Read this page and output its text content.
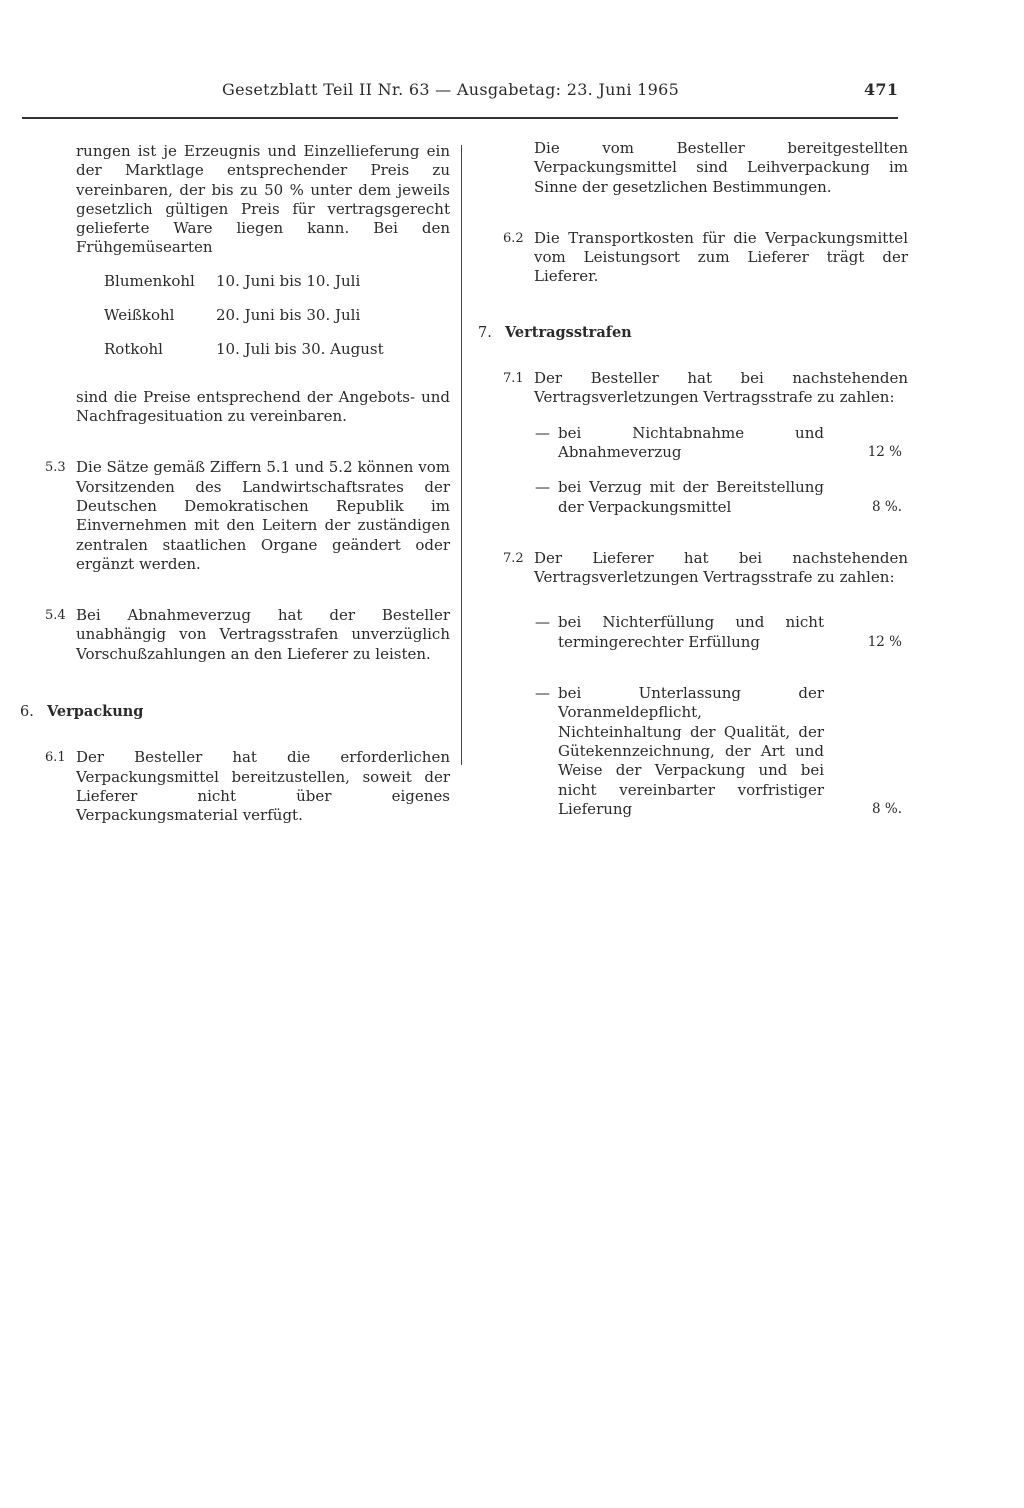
Gesetzblatt Teil II Nr. 63 — Ausgabetag: 23. Juni 1965	471

rungen ist je Erzeugnis und Einzellieferung ein der Marktlage entsprechender Preis zu vereinbaren, der bis zu 50 % unter dem jeweils gesetzlich gültigen Preis für vertragsgerecht gelieferte Ware liegen kann. Bei den Frühgemüsearten

Blumenkohl	10. Juni bis 10. Juli
Weißkohl	20. Juni bis 30. Juli
Rotkohl	10. Juli bis 30. August

sind die Preise entsprechend der Angebots- und Nachfragesituation zu vereinbaren.

5.3 Die Sätze gemäß Ziffern 5.1 und 5.2 können vom Vorsitzenden des Landwirtschaftsrates der Deutschen Demokratischen Republik im Einvernehmen mit den Leitern der zuständigen zentralen staatlichen Organe geändert oder ergänzt werden.

5.4 Bei Abnahmeverzug hat der Besteller unabhängig von Vertragsstrafen unverzüglich Vorschußzahlungen an den Lieferer zu leisten.

6. Verpackung
6.1 Der Besteller hat die erforderlichen Verpackungsmittel bereitzustellen, soweit der Lieferer nicht über eigenes Verpackungsmaterial verfügt.

Die vom Besteller bereitgestellten Verpackungsmittel sind Leihverpackung im Sinne der gesetzlichen Bestimmungen.

6.2 Die Transportkosten für die Verpackungsmittel vom Leistungsort zum Lieferer trägt der Lieferer.

7. Vertragsstrafen
7.1 Der Besteller hat bei nachstehenden Vertragsverletzungen Vertragsstrafe zu zahlen:

— bei Nichtabnahme und Abnahmeverzug	12 %
— bei Verzug mit der Bereitstellung der Verpackungsmittel	8 %.
7.2 Der Lieferer hat bei nachstehenden Vertragsverletzungen Vertragsstrafe zu zahlen:

— bei Nichterfüllung und nicht termingerechter Erfüllung	12 %
— bei Unterlassung der Voranmeldepflicht, Nichteinhaltung der Qualität, der Gütekennzeichnung, der Art und Weise der Verpackung und bei nicht vereinbarter vorfristiger Lieferung	8 %.
